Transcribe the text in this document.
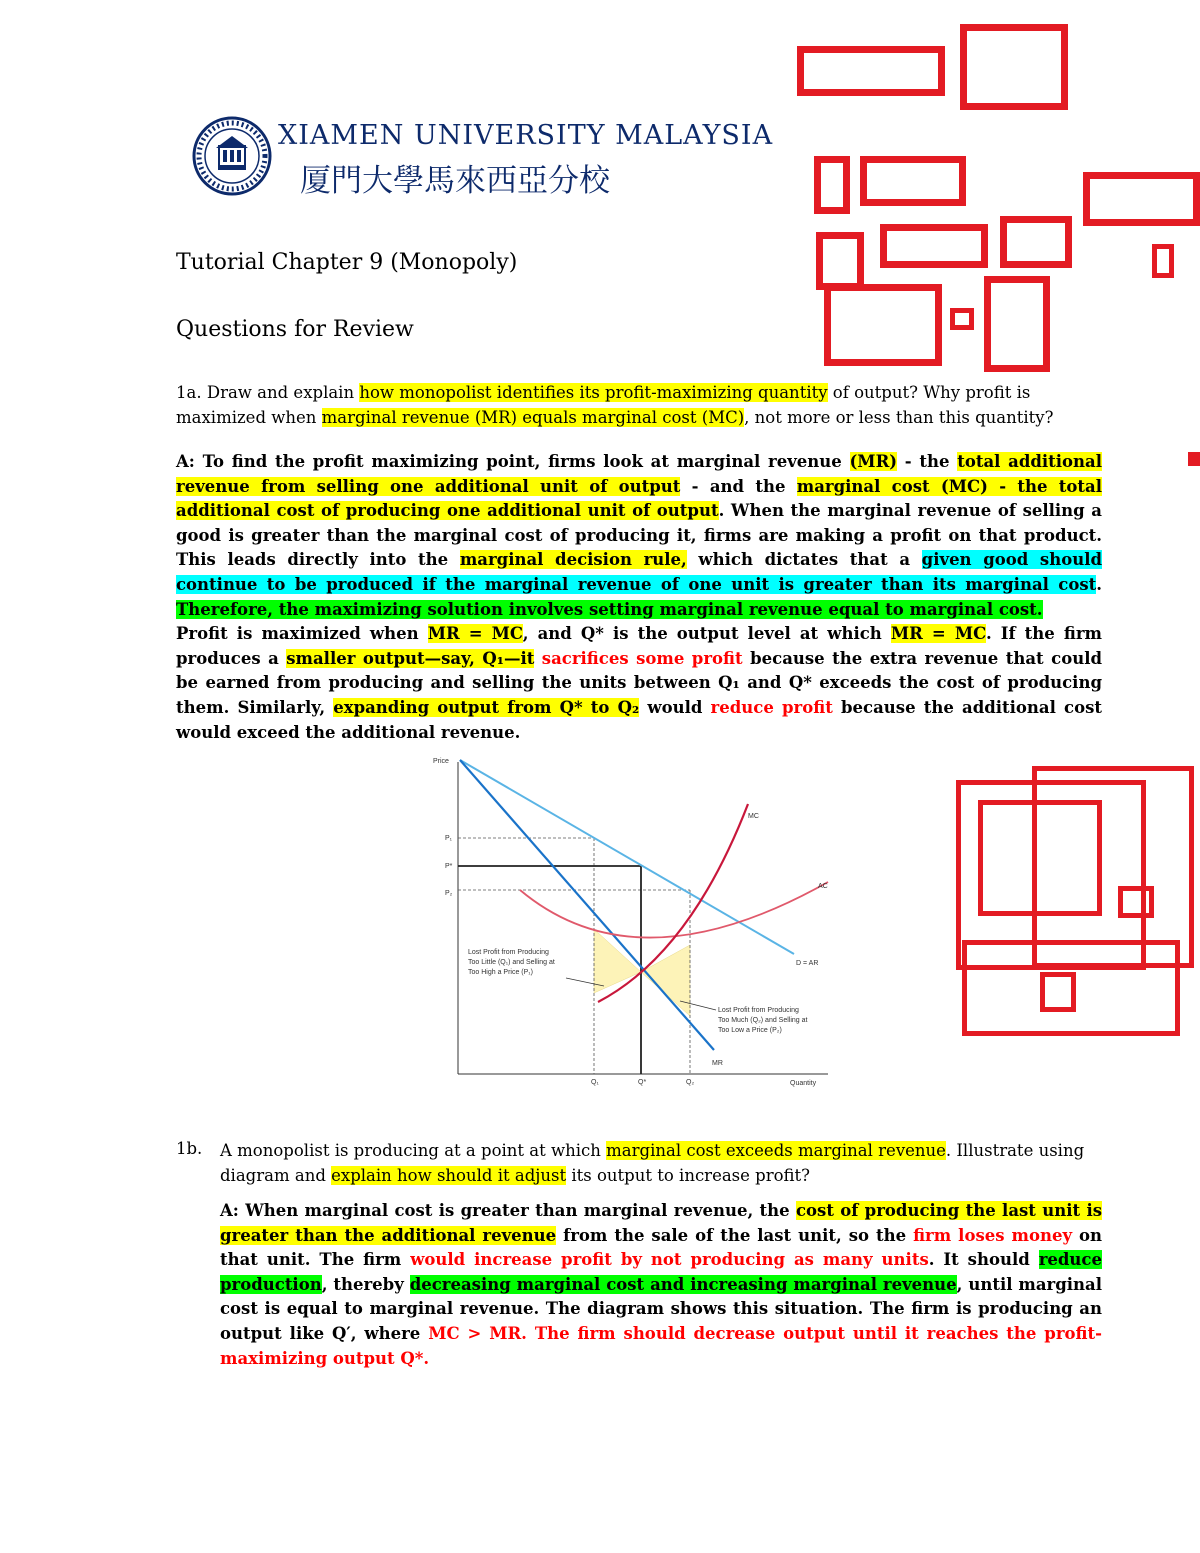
XIAMEN UNIVERSITY MALAYSIA
厦門大學馬來西亞分校
Tutorial Chapter 9 (Monopoly)
Questions for Review
1a. Draw and explain how monopolist identifies its profit-maximizing quantity of output? Why profit is maximized when marginal revenue (MR) equals marginal cost (MC), not more or less than this quantity?
A: To find the profit maximizing point, firms look at marginal revenue (MR) - the total additional revenue from selling one additional unit of output - and the marginal cost (MC) - the total additional cost of producing one additional unit of output. When the marginal revenue of selling a good is greater than the marginal cost of producing it, firms are making a profit on that product. This leads directly into the marginal decision rule, which dictates that a given good should continue to be produced if the marginal revenue of one unit is greater than its marginal cost. Therefore, the maximizing solution involves setting marginal revenue equal to marginal cost.
Profit is maximized when MR = MC, and Q* is the output level at which MR = MC. If the firm produces a smaller output—say, Q₁—it sacrifices some profit because the extra revenue that could be earned from producing and selling the units between Q₁ and Q* exceeds the cost of producing them. Similarly, expanding output from Q* to Q₂ would reduce profit because the additional cost would exceed the additional revenue.
Price
Quantity
P₁
P*
P₂
Q₁	Q*	Q₂
MC
AC
D = AR
MR
Lost Profit from Producing
Too Little (Q₁) and Selling at
Too High a Price (P₁)
Lost Profit from Producing
Too Much (Q₂) and Selling at
Too Low a Price (P₂)
1b. A monopolist is producing at a point at which marginal cost exceeds marginal revenue. Illustrate using diagram and explain how should it adjust its output to increase profit?
A: When marginal cost is greater than marginal revenue, the cost of producing the last unit is greater than the additional revenue from the sale of the last unit, so the firm loses money on that unit. The firm would increase profit by not producing as many units. It should reduce production, thereby decreasing marginal cost and increasing marginal revenue, until marginal cost is equal to marginal revenue. The diagram shows this situation. The firm is producing an output like Q′, where MC > MR. The firm should decrease output until it reaches the profit-maximizing output Q*.
